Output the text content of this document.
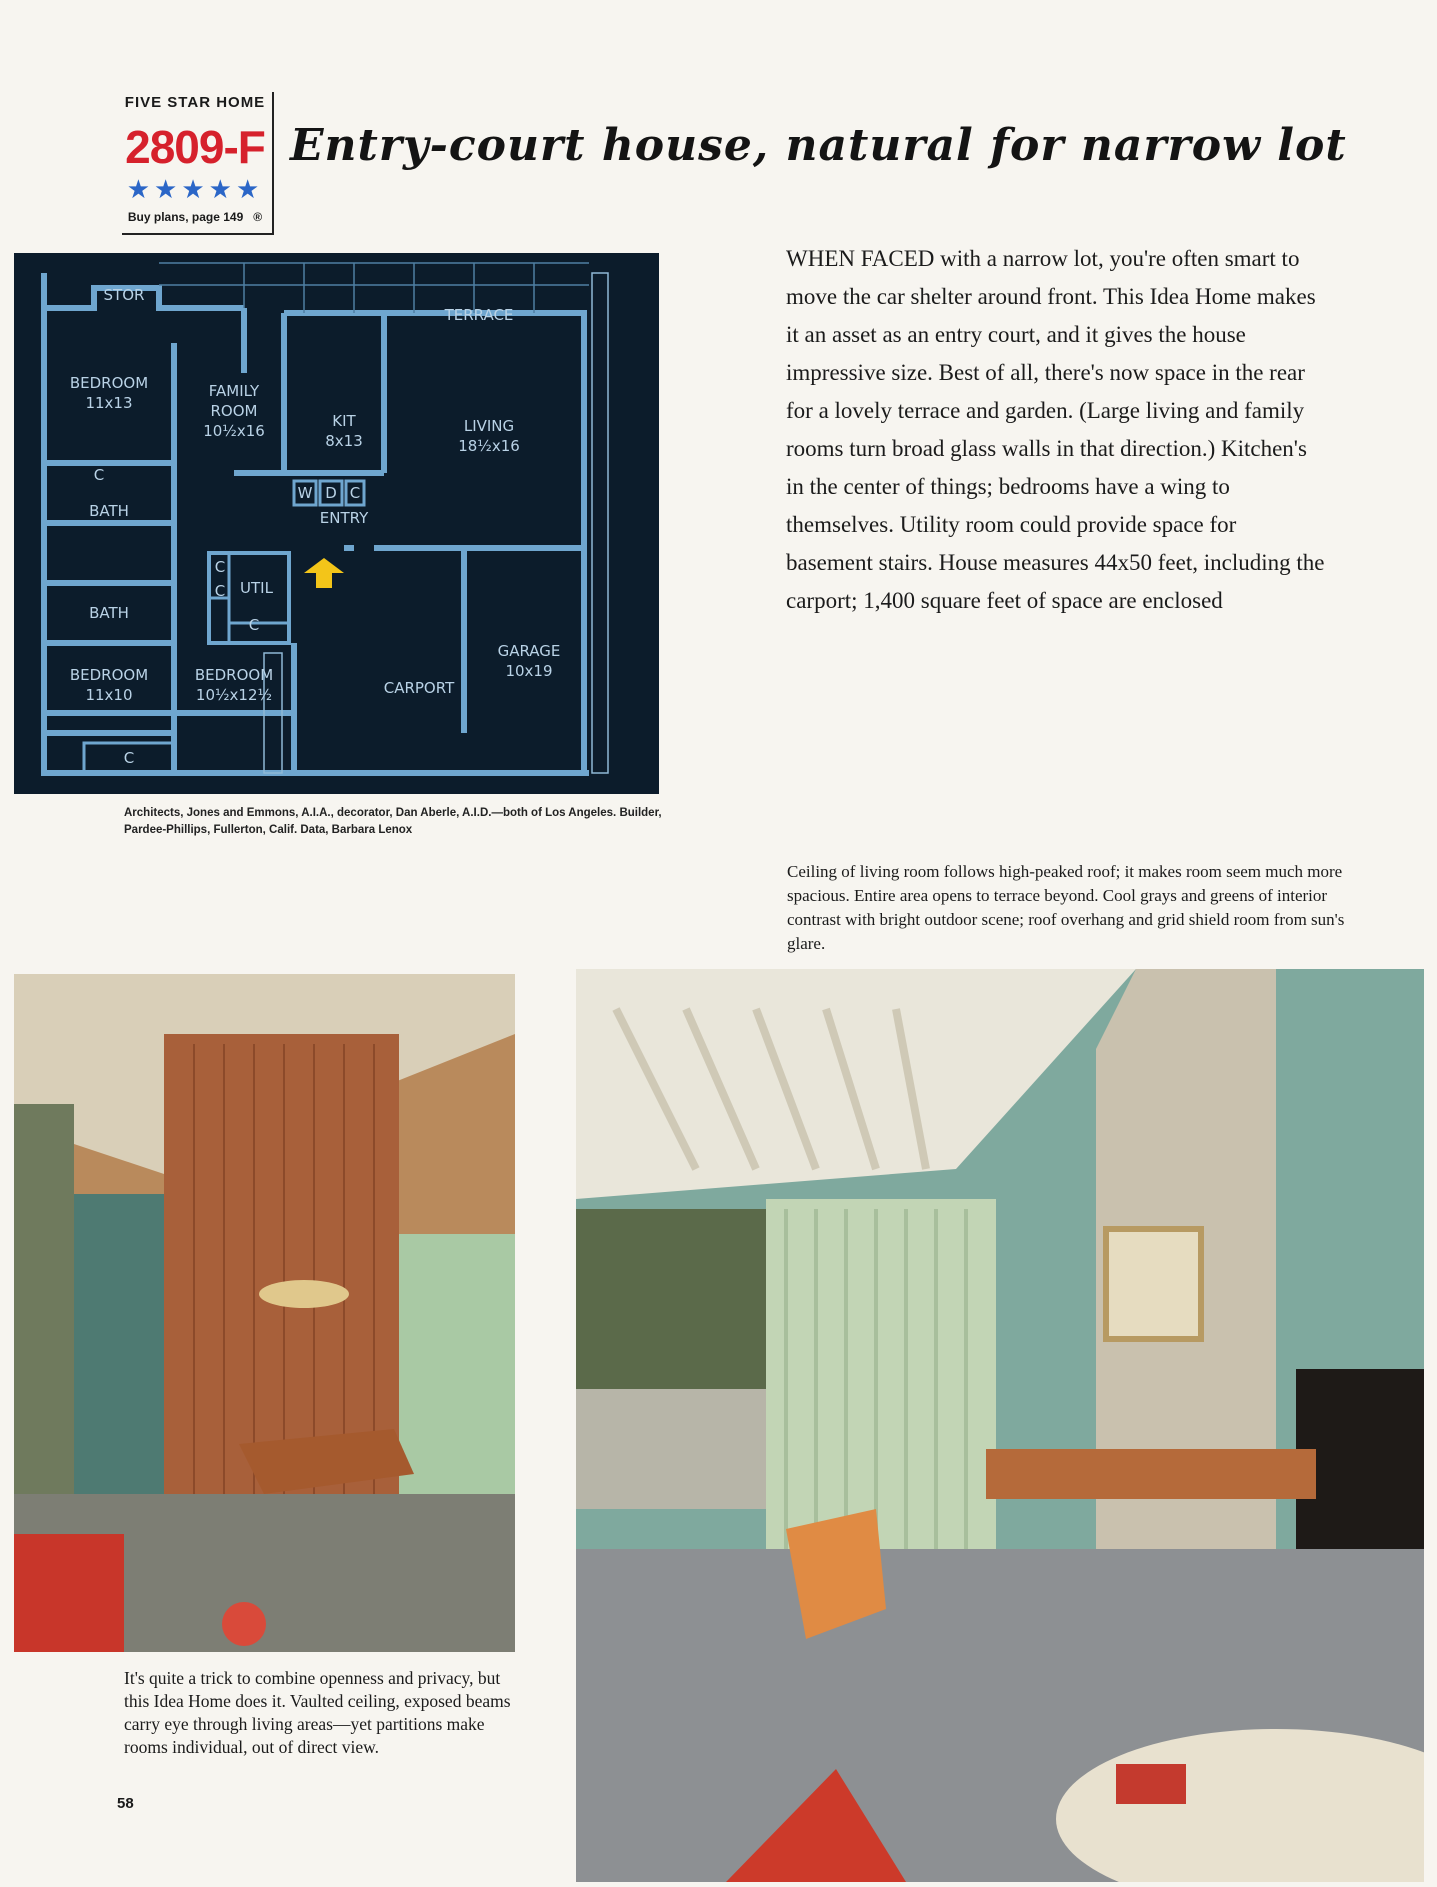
FIVE STAR HOME
2809-F
★★★★★
Buy plans, page 149 ®
Entry-court house, natural for narrow lot
STOR
TERRACE
BEDROOM
11x13
FAMILY
ROOM
10½x16
KIT
8x13
LIVING
18½x16
C
BATH
W D C
ENTRY
C
C UTIL
C
BATH
GARAGE
10x19
BEDROOM
11x10
BEDROOM
10½x12½	CARPORT
C
Architects, Jones and Emmons, A.I.A., decorator, Dan Aberle, A.I.D.—both of Los Angeles. Builder, Pardee-Phillips, Fullerton, Calif. Data, Barbara Lenox
WHEN FACED with a narrow lot, you're often smart to move the car shelter around front. This Idea Home makes it an asset as an entry court, and it gives the house impressive size. Best of all, there's now space in the rear for a lovely terrace and garden. (Large living and family rooms turn broad glass walls in that direction.) Kitchen's in the center of things; bedrooms have a wing to themselves. Utility room could provide space for basement stairs. House measures 44x50 feet, including the carport; 1,400 square feet of space are enclosed
Ceiling of living room follows high-peaked roof; it makes room seem much more spacious. Entire area opens to terrace beyond. Cool grays and greens of interior contrast with bright outdoor scene; roof overhang and grid shield room from sun's glare.
It's quite a trick to combine openness and privacy, but this Idea Home does it. Vaulted ceiling, exposed beams carry eye through living areas—yet partitions make rooms individual, out of direct view.
58
